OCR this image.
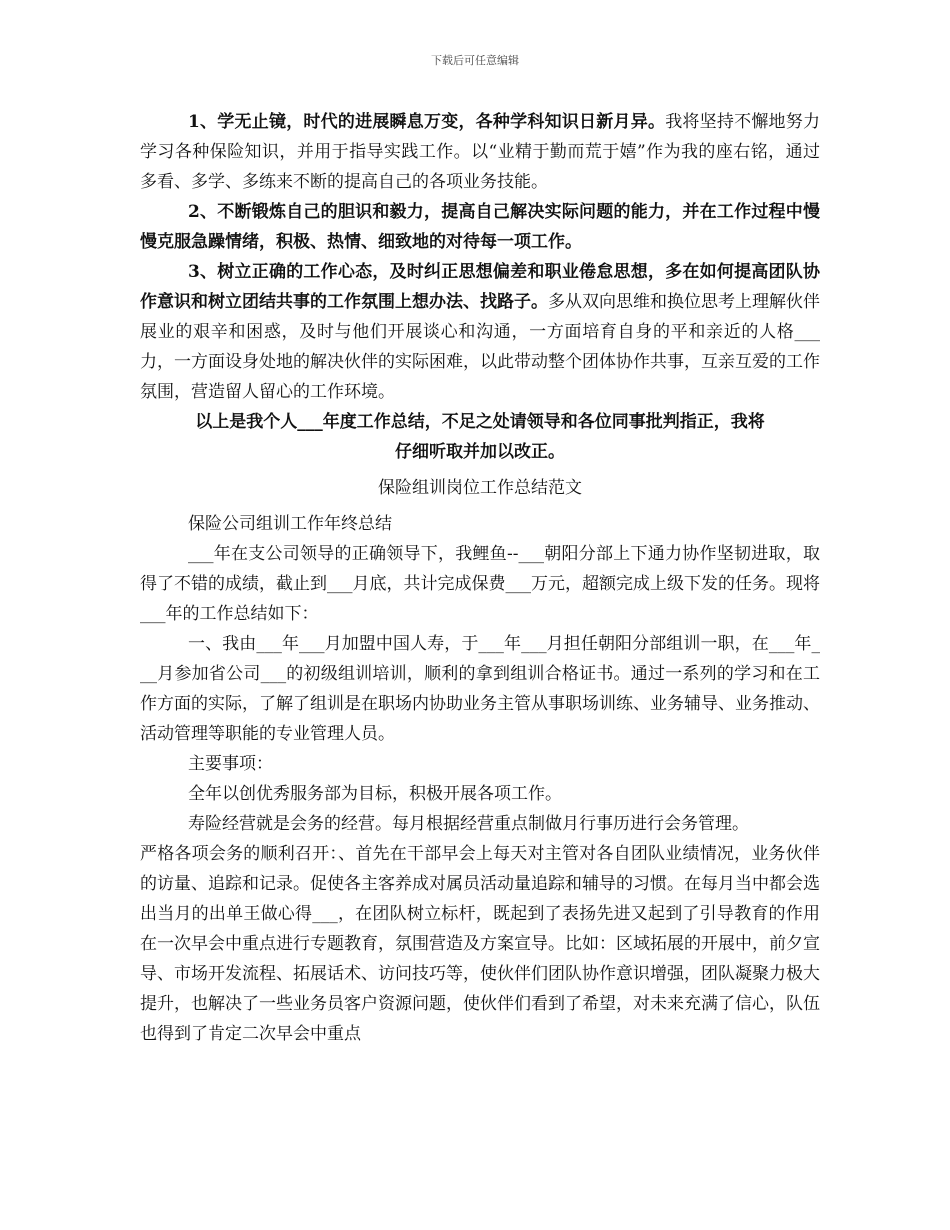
下载后可任意编辑

1、学无止镜，时代的进展瞬息万变，各种学科知识日新月异。我将坚持不懈地努力学习各种保险知识，并用于指导实践工作。以“业精于勤而荒于嬉”作为我的座右铭，通过多看、多学、多练来不断的提高自己的各项业务技能。

2、不断锻炼自己的胆识和毅力，提高自己解决实际问题的能力，并在工作过程中慢慢克服急躁情绪，积极、热情、细致地的对待每一项工作。

3、树立正确的工作心态，及时纠正思想偏差和职业倦怠思想，多在如何提高团队协作意识和树立团结共事的工作氛围上想办法、找路子。多从双向思维和换位思考上理解伙伴展业的艰辛和困惑，及时与他们开展谈心和沟通，一方面培育自身的平和亲近的人格___力，一方面设身处地的解决伙伴的实际困难，以此带动整个团体协作共事，互亲互爱的工作氛围，营造留人留心的工作环境。

以上是我个人___年度工作总结，不足之处请领导和各位同事批判指正，我将

仔细听取并加以改正。

保险组训岗位工作总结范文

保险公司组训工作年终总结

___年在支公司领导的正确领导下，我鲤鱼--___朝阳分部上下通力协作坚韧进取，取得了不错的成绩，截止到___月底，共计完成保费___万元，超额完成上级下发的任务。现将___年的工作总结如下：

一、我由___年___月加盟中国人寿，于___年___月担任朝阳分部组训一职，在___年___月参加省公司___的初级组训培训，顺利的拿到组训合格证书。通过一系列的学习和在工作方面的实际，了解了组训是在职场内协助业务主管从事职场训练、业务辅导、业务推动、活动管理等职能的专业管理人员。

主要事项：

全年以创优秀服务部为目标，积极开展各项工作。

寿险经营就是会务的经营。每月根据经营重点制做月行事历进行会务管理。

严格各项会务的顺利召开：、首先在干部早会上每天对主管对各自团队业绩情况，业务伙伴的访量、追踪和记录。促使各主客养成对属员活动量追踪和辅导的习惯。在每月当中都会选出当月的出单王做心得___，在团队树立标杆，既起到了表扬先进又起到了引导教育的作用在一次早会中重点进行专题教育，氛围营造及方案宣导。比如：区域拓展的开展中，前夕宣导、市场开发流程、拓展话术、访问技巧等，使伙伴们团队协作意识增强，团队凝聚力极大提升，也解决了一些业务员客户资源问题，使伙伴们看到了希望，对未来充满了信心，队伍也得到了肯定二次早会中重点
